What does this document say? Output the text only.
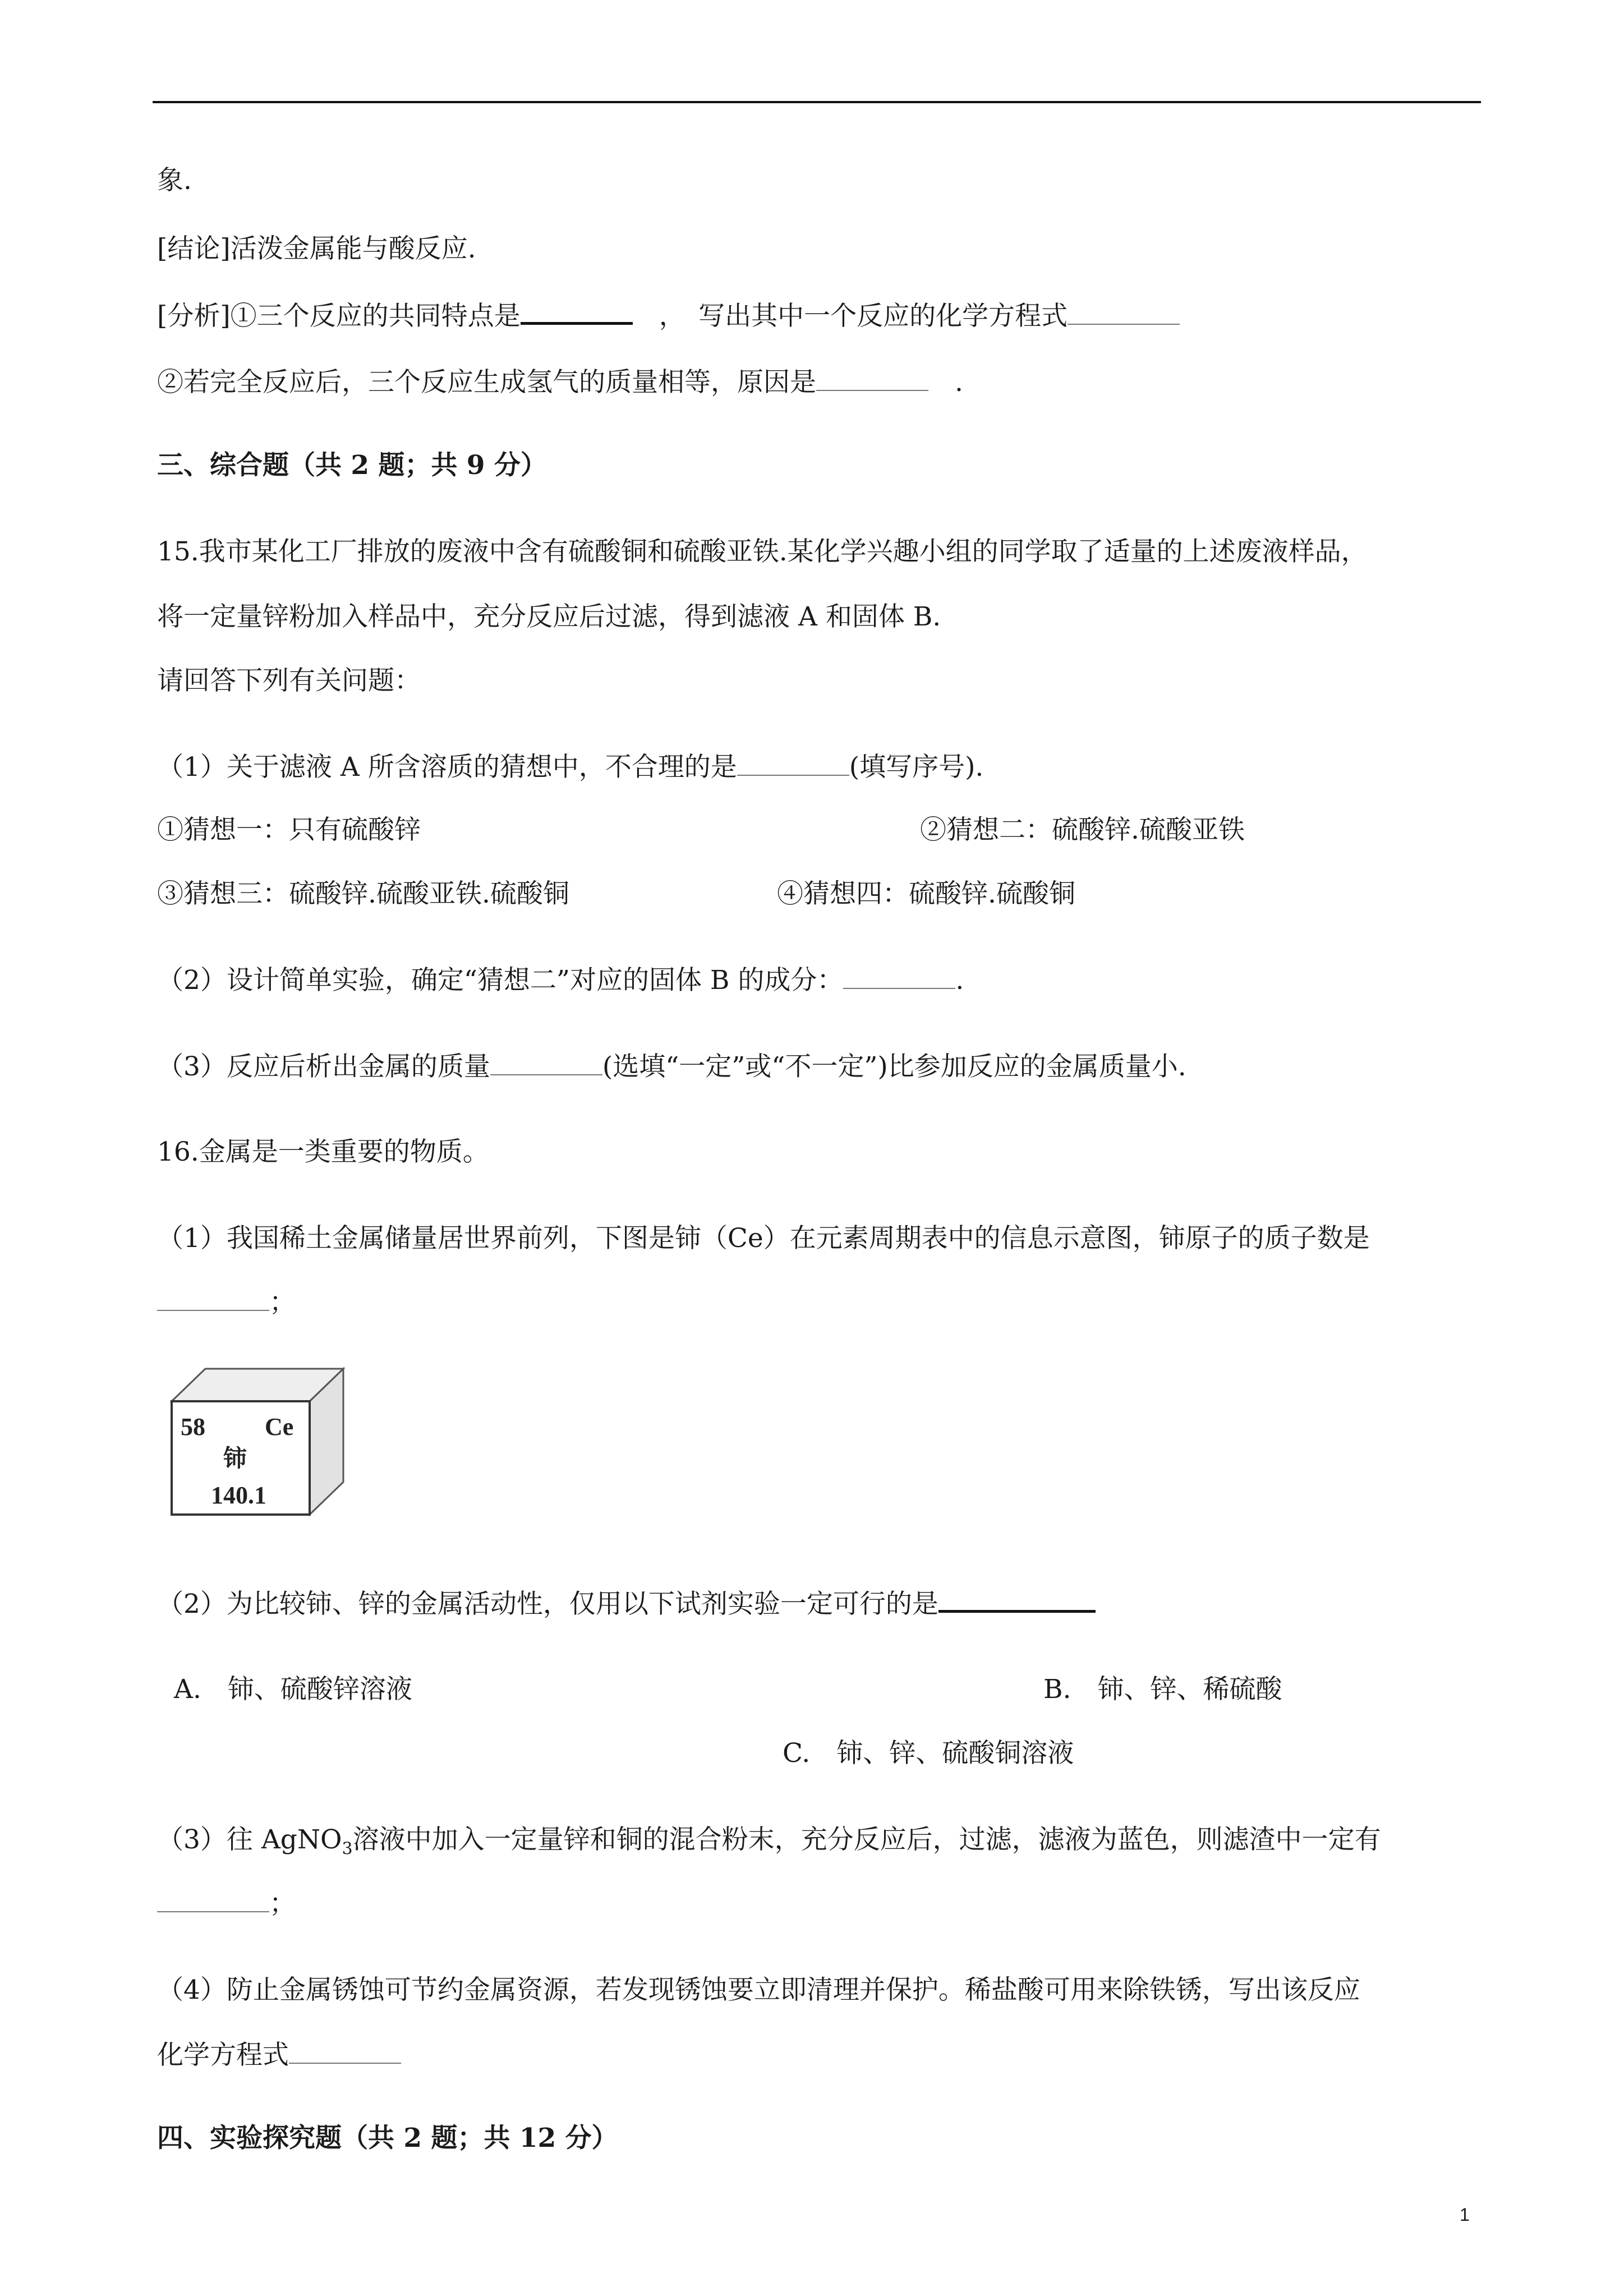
象.
[结论]活泼金属能与酸反应.
[分析]①三个反应的共同特点是　	，　写出其中一个反应的化学方程式
②若完全反应后，三个反应生成氢气的质量相等，原因是　	.
三、综合题（共 2 题；共 9 分）
15.我市某化工厂排放的废液中含有硫酸铜和硫酸亚铁.某化学兴趣小组的同学取了适量的上述废液样品，
将一定量锌粉加入样品中，充分反应后过滤，得到滤液 A 和固体 B.
请回答下列有关问题：
（1）关于滤液 A 所含溶质的猜想中，不合理的是	(填写序号).
①猜想一：只有硫酸锌	②猜想二：硫酸锌.硫酸亚铁
③猜想三：硫酸锌.硫酸亚铁.硫酸铜	④猜想四：硫酸锌.硫酸铜
（2）设计简单实验，确定“猜想二”对应的固体 B 的成分：	.
（3）反应后析出金属的质量	(选填“一定”或“不一定”)比参加反应的金属质量小.
16.金属是一类重要的物质。
（1）我国稀土金属储量居世界前列，下图是铈（Ce）在元素周期表中的信息示意图，铈原子的质子数是
；
58 Ce
铈
140.1
（2）为比较铈、锌的金属活动性，仅用以下试剂实验一定可行的是
A.　铈、硫酸锌溶液	B.　铈、锌、稀硫酸
C.　铈、锌、硫酸铜溶液
（3）往 AgNO$_3$溶液中加入一定量锌和铜的混合粉末，充分反应后，过滤，滤液为蓝色，则滤渣中一定有
；
（4）防止金属锈蚀可节约金属资源，若发现锈蚀要立即清理并保护。稀盐酸可用来除铁锈，写出该反应
化学方程式
四、实验探究题（共 2 题；共 12 分）
1
